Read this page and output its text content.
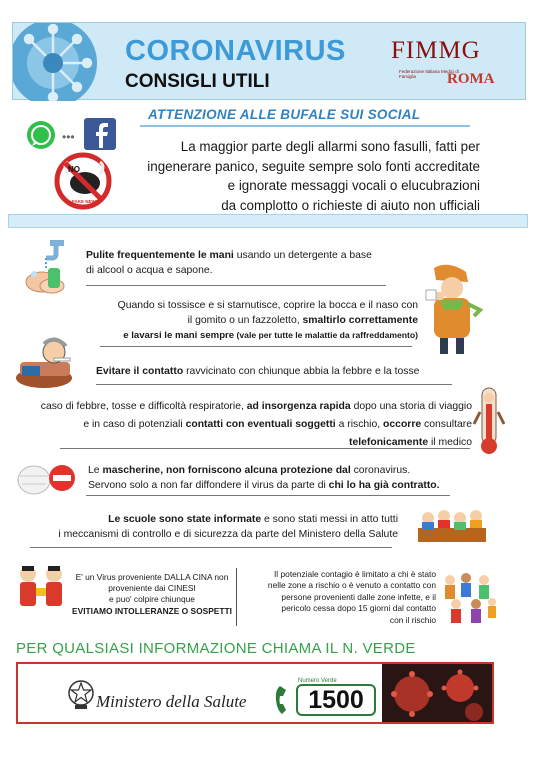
CORONAVIRUS
CONSIGLI UTILI
FIMMG
Federazione Italiana Medici di Famiglia	ROMA
ATTENZIONE ALLE BUFALE SUI SOCIAL
•••
NO
FAKE NEWS
La maggior parte degli allarmi sono fasulli, fatti per
ingenerare panico, seguite sempre solo fonti accreditate
e ignorate messaggi vocali o elucubrazioni
da complotto o richieste di aiuto non ufficiali
Pulite frequentemente le mani usando un detergente a base
di alcool o acqua e sapone.
Quando si tossisce e si starnutisce, coprire la bocca e il naso con
il gomito o un fazzoletto, smaltirlo correttamente
e lavarsi le mani sempre (vale per tutte le malattie da raffreddamento)
Evitare il contatto ravvicinato con chiunque abbia la febbre e la tosse
caso di febbre, tosse e difficoltà respiratorie, ad insorgenza rapida dopo una storia di viaggio
e in caso di potenziali contatti con eventuali soggetti a rischio, occorre consultare
telefonicamente il medico
Le mascherine, non forniscono alcuna protezione dal coronavirus.
Servono solo a non far diffondere il virus da parte di chi lo ha già contratto.
Le scuole sono state informate e sono stati messi in atto tutti
i meccanismi di controllo e di sicurezza da parte del Ministero della Salute
E' un Virus proveniente DALLA CINA non
proveniente dai CINESI
e puo' colpire chiunque
EVITIAMO INTOLLERANZE O SOSPETTI
Il potenziale contagio è limitato a chi è stato
nelle zone a rischio o è venuto a contatto con
persone provenienti dalle zone infette, e il
pericolo cessa dopo 15 giorni dal contatto
con il rischio
PER QUALSIASI INFORMAZIONE CHIAMA IL N. VERDE
Ministero della Salute
Numero Verde
1500
